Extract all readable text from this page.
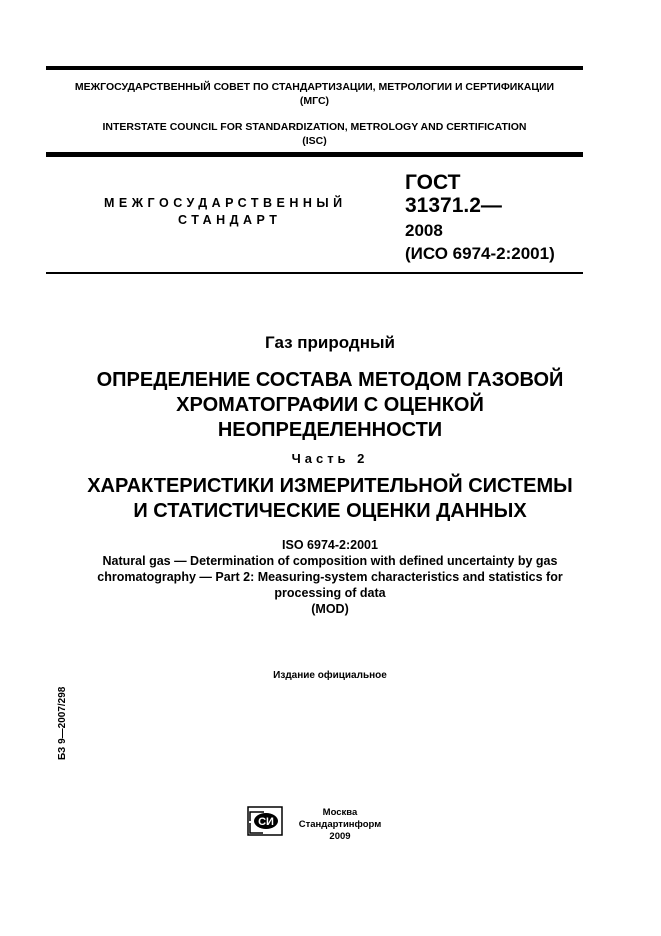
МЕЖГОСУДАРСТВЕННЫЙ СОВЕТ ПО СТАНДАРТИЗАЦИИ, МЕТРОЛОГИИ И СЕРТИФИКАЦИИ
(МГС)
INTERSTATE COUNCIL FOR STANDARDIZATION, METROLOGY AND CERTIFICATION
(ISC)
МЕЖГОСУДАРСТВЕННЫЙ
СТАНДАРТ
ГОСТ
31371.2—
2008
(ИСО 6974-2:2001)
Газ природный
ОПРЕДЕЛЕНИЕ СОСТАВА МЕТОДОМ ГАЗОВОЙ
ХРОМАТОГРАФИИ С ОЦЕНКОЙ
НЕОПРЕДЕЛЕННОСТИ
Часть 2
ХАРАКТЕРИСТИКИ ИЗМЕРИТЕЛЬНОЙ СИСТЕМЫ
И СТАТИСТИЧЕСКИЕ ОЦЕНКИ ДАННЫХ
ISO 6974-2:2001
Natural gas — Determination of composition with defined uncertainty by gas
chromatography — Part 2: Measuring-system characteristics and statistics for
processing of data
(MOD)
Издание официальное
БЗ 9—2007/298
СИ
Москва
Стандартинформ
2009
